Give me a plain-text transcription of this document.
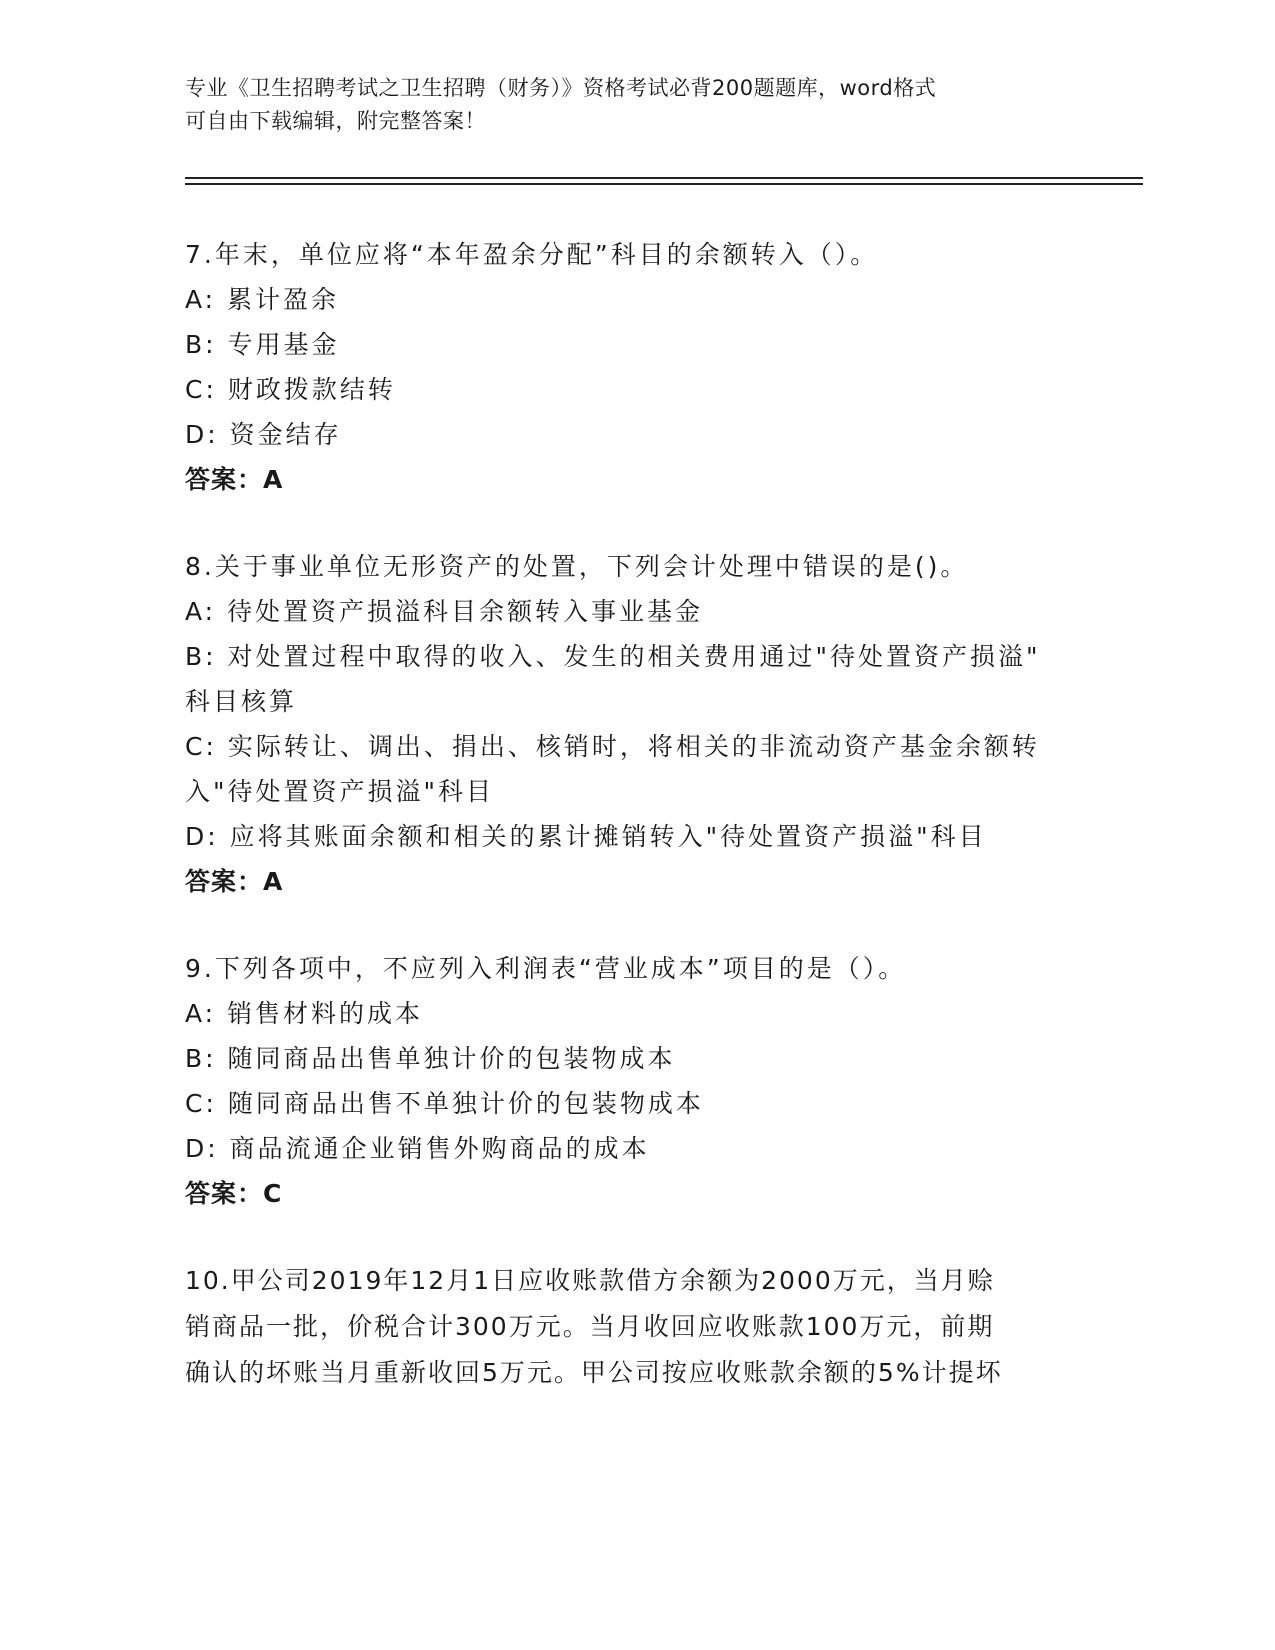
专业《卫生招聘考试之卫生招聘（财务）》资格考试必背200题题库，word格式
可自由下载编辑，附完整答案！
7.年末，单位应将“本年盈余分配”科目的余额转入（）。
A: 累计盈余
B: 专用基金
C: 财政拨款结转
D: 资金结存
答案：A
8.关于事业单位无形资产的处置，下列会计处理中错误的是()。
A: 待处置资产损溢科目余额转入事业基金
B: 对处置过程中取得的收入、发生的相关费用通过"待处置资产损溢"
科目核算
C: 实际转让、调出、捐出、核销时，将相关的非流动资产基金余额转
入"待处置资产损溢"科目
D: 应将其账面余额和相关的累计摊销转入"待处置资产损溢"科目
答案：A
9.下列各项中，不应列入利润表“营业成本”项目的是（）。
A: 销售材料的成本
B: 随同商品出售单独计价的包装物成本
C: 随同商品出售不单独计价的包装物成本
D: 商品流通企业销售外购商品的成本
答案：C
10.甲公司2019年12月1日应收账款借方余额为2000万元，当月赊
销商品一批，价税合计300万元。当月收回应收账款100万元，前期
确认的坏账当月重新收回5万元。甲公司按应收账款余额的5%计提坏
